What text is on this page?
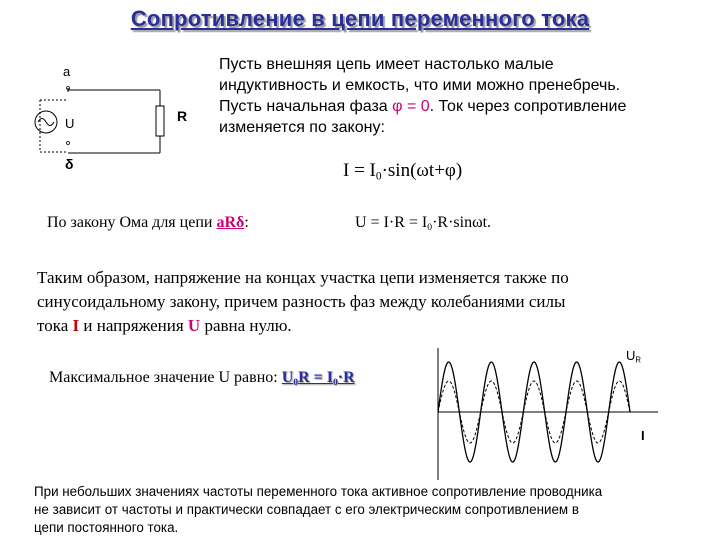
Сопротивление в цепи переменного тока
а
U
δ
R
Пусть внешняя цепь имеет настолько малые
индуктивность и емкость, что ими можно пренебречь.
Пусть начальная фаза φ = 0. Ток через сопротивление
изменяется по закону:
$I = I_0\cdot\sin(\omega t+\varphi)$
По закону Ома для цепи аRδ:	$U = I\cdot R = I_0\cdot R\cdot\sin\omega t$.
Таким образом, напряжение на концах участка цепи изменяется также по
синусоидальному закону, причем разность фаз между колебаниями силы
тока I и напряжения U равна нулю.
Максимальное значение U равно: $U_0R = I_0\cdot R$
$U_R$
I
При небольших значениях частоты переменного тока активное сопротивление проводника
не зависит от частоты и практически совпадает с его электрическим сопротивлением в
цепи постоянного тока.
